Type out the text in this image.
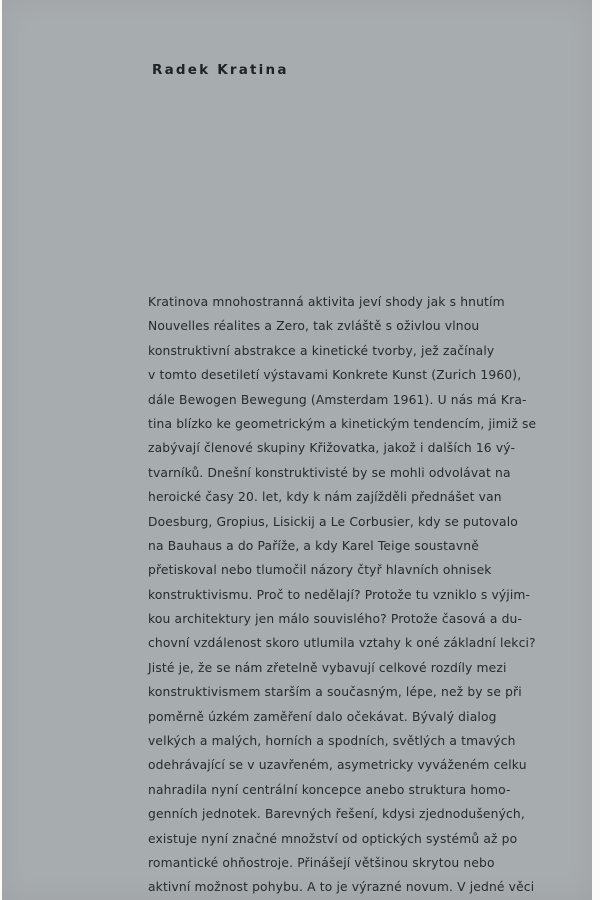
Radek Kratina
Kratinova mnohostranná aktivita jeví shody jak s hnutím
Nouvelles réalites a Zero, tak zvláště s oživlou vlnou
konstruktivní abstrakce a kinetické tvorby, jež začínaly
v tomto desetiletí výstavami Konkrete Kunst (Zurich 1960),
dále Bewogen Bewegung (Amsterdam 1961). U nás má Kra-
tina blízko ke geometrickým a kinetickým tendencím, jimiž se
zabývají členové skupiny Křižovatka, jakož i dalších 16 vý-
tvarníků. Dnešní konstruktivisté by se mohli odvolávat na
heroické časy 20. let, kdy k nám zajížděli přednášet van
Doesburg, Gropius, Lisickij a Le Corbusier, kdy se putovalo
na Bauhaus a do Paříže, a kdy Karel Teige soustavně
přetiskoval nebo tlumočil názory čtyř hlavních ohnisek
konstruktivismu. Proč to nedělají? Protože tu vzniklo s výjim-
kou architektury jen málo souvislého? Protože časová a du-
chovní vzdálenost skoro utlumila vztahy k oné základní lekci?
Jisté je, že se nám zřetelně vybavují celkové rozdíly mezi
konstruktivismem starším a současným, lépe, než by se při
poměrně úzkém zaměření dalo očekávat. Bývalý dialog
velkých a malých, horních a spodních, světlých a tmavých
odehrávající se v uzavřeném, asymetricky vyváženém celku
nahradila nyní centrální koncepce anebo struktura homo-
genních jednotek. Barevných řešení, kdysi zjednodušených,
existuje nyní značné množství od optických systémů až po
romantické ohňostroje. Přinášejí většinou skrytou nebo
aktivní možnost pohybu. A to je výrazné novum. V jedné věci
